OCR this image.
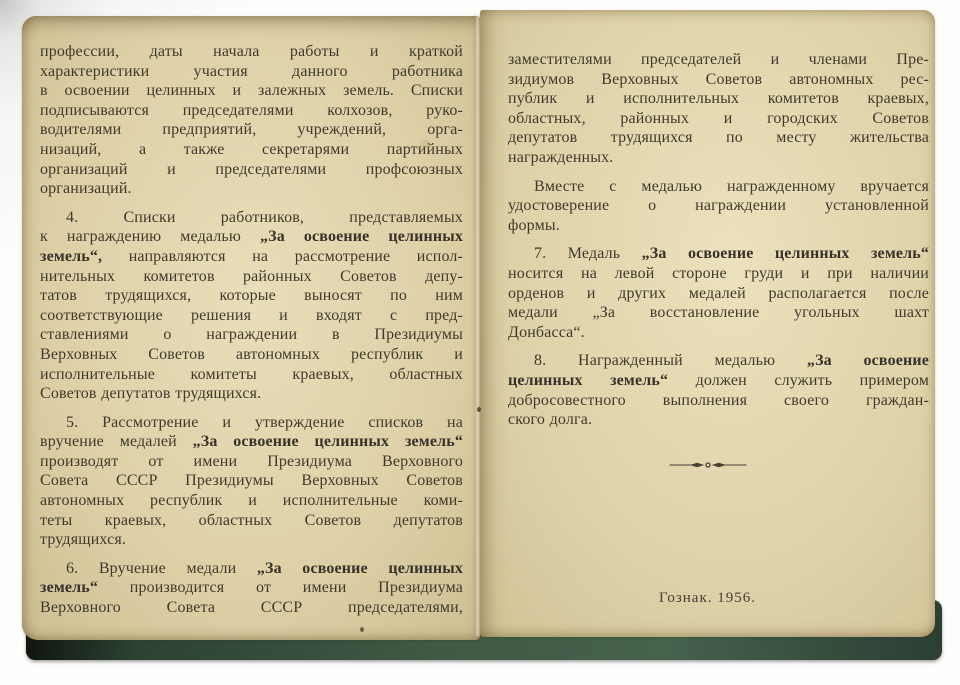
профессии, даты начала работы и краткой
характеристики участия данного работника
в освоении целинных и залежных земель. Списки
подписываются председателями колхозов, руко-
водителями предприятий, учреждений, орга-
низаций, а также секретарями партийных
организаций и председателями профсоюзных
организаций.
4. Списки работников, представляемых
к награждению медалью „За освоение целинных
земель“, направляются на рассмотрение испол-
нительных комитетов районных Советов депу-
татов трудящихся, которые выносят по ним
соответствующие решения и входят с пред-
ставлениями о награждении в Президиумы
Верховных Советов автономных республик и
исполнительные комитеты краевых, областных
Советов депутатов трудящихся.
5. Рассмотрение и утверждение списков на
вручение медалей „За освоение целинных земель“
производят от имени Президиума Верховного
Совета СССР Президиумы Верховных Советов
автономных республик и исполнительные коми-
теты краевых, областных Советов депутатов
трудящихся.
6. Вручение медали „За освоение целинных
земель“ производится от имени Президиума
Верховного Совета СССР председателями,
заместителями председателей и членами Пре-
зидиумов Верховных Советов автономных рес-
публик и исполнительных комитетов краевых,
областных, районных и городских Советов
депутатов трудящихся по месту жительства
награжденных.
Вместе с медалью награжденному вручается
удостоверение о награждении установленной
формы.
7. Медаль „За освоение целинных земель“
носится на левой стороне груди и при наличии
орденов и других медалей располагается после
медали „За восстановление угольных шахт
Донбасса“.
8. Награжденный медалью „За освоение
целинных земель“ должен служить примером
добросовестного выполнения своего граждан-
ского долга.
Гознак. 1956.
